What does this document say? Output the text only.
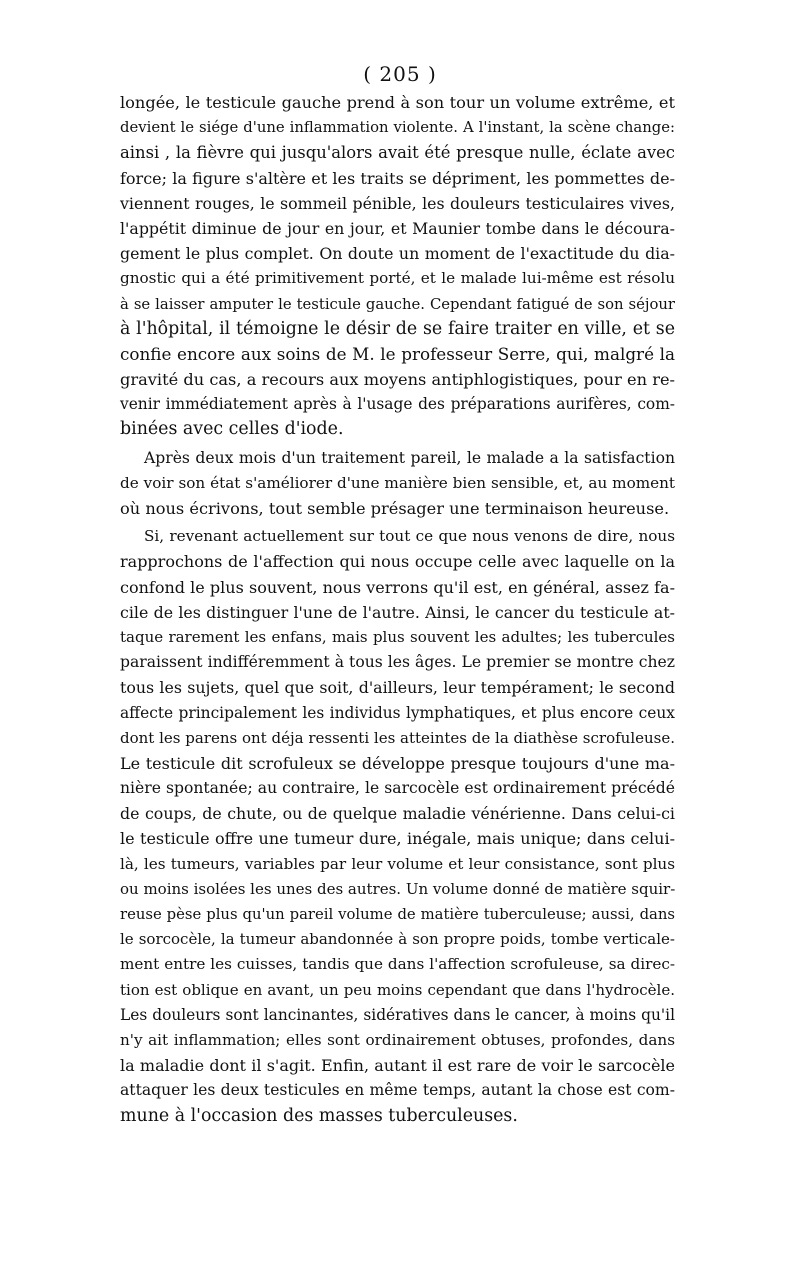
( 205 )
longée, le testicule gauche prend à son tour un volume extrême, et
devient le siége d'une inflammation violente. A l'instant, la scène change:
ainsi , la fièvre qui jusqu'alors avait été presque nulle, éclate avec
force; la figure s'altère et les traits se dépriment, les pommettes de-
viennent rouges, le sommeil pénible, les douleurs testiculaires vives,
l'appétit diminue de jour en jour, et Maunier tombe dans le découra-
gement le plus complet. On doute un moment de l'exactitude du dia-
gnostic qui a été primitivement porté, et le malade lui-même est résolu
à se laisser amputer le testicule gauche. Cependant fatigué de son séjour
à l'hôpital, il témoigne le désir de se faire traiter en ville, et se
confie encore aux soins de M. le professeur Serre, qui, malgré la
gravité du cas, a recours aux moyens antiphlogistiques, pour en re-
venir immédiatement après à l'usage des préparations aurifères, com-
binées avec celles d'iode.
Après deux mois d'un traitement pareil, le malade a la satisfaction
de voir son état s'améliorer d'une manière bien sensible, et, au moment
où nous écrivons, tout semble présager une terminaison heureuse.
Si, revenant actuellement sur tout ce que nous venons de dire, nous
rapprochons de l'affection qui nous occupe celle avec laquelle on la
confond le plus souvent, nous verrons qu'il est, en général, assez fa-
cile de les distinguer l'une de l'autre. Ainsi, le cancer du testicule at-
taque rarement les enfans, mais plus souvent les adultes; les tubercules
paraissent indifféremment à tous les âges. Le premier se montre chez
tous les sujets, quel que soit, d'ailleurs, leur tempérament; le second
affecte principalement les individus lymphatiques, et plus encore ceux
dont les parens ont déja ressenti les atteintes de la diathèse scrofuleuse.
Le testicule dit scrofuleux se développe presque toujours d'une ma-
nière spontanée; au contraire, le sarcocèle est ordinairement précédé
de coups, de chute, ou de quelque maladie vénérienne. Dans celui-ci
le testicule offre une tumeur dure, inégale, mais unique; dans celui-
là, les tumeurs, variables par leur volume et leur consistance, sont plus
ou moins isolées les unes des autres. Un volume donné de matière squir-
reuse pèse plus qu'un pareil volume de matière tuberculeuse; aussi, dans
le sorcocèle, la tumeur abandonnée à son propre poids, tombe verticale-
ment entre les cuisses, tandis que dans l'affection scrofuleuse, sa direc-
tion est oblique en avant, un peu moins cependant que dans l'hydrocèle.
Les douleurs sont lancinantes, sidératives dans le cancer, à moins qu'il
n'y ait inflammation; elles sont ordinairement obtuses, profondes, dans
la maladie dont il s'agit. Enfin, autant il est rare de voir le sarcocèle
attaquer les deux testicules en même temps, autant la chose est com-
mune à l'occasion des masses tuberculeuses.
